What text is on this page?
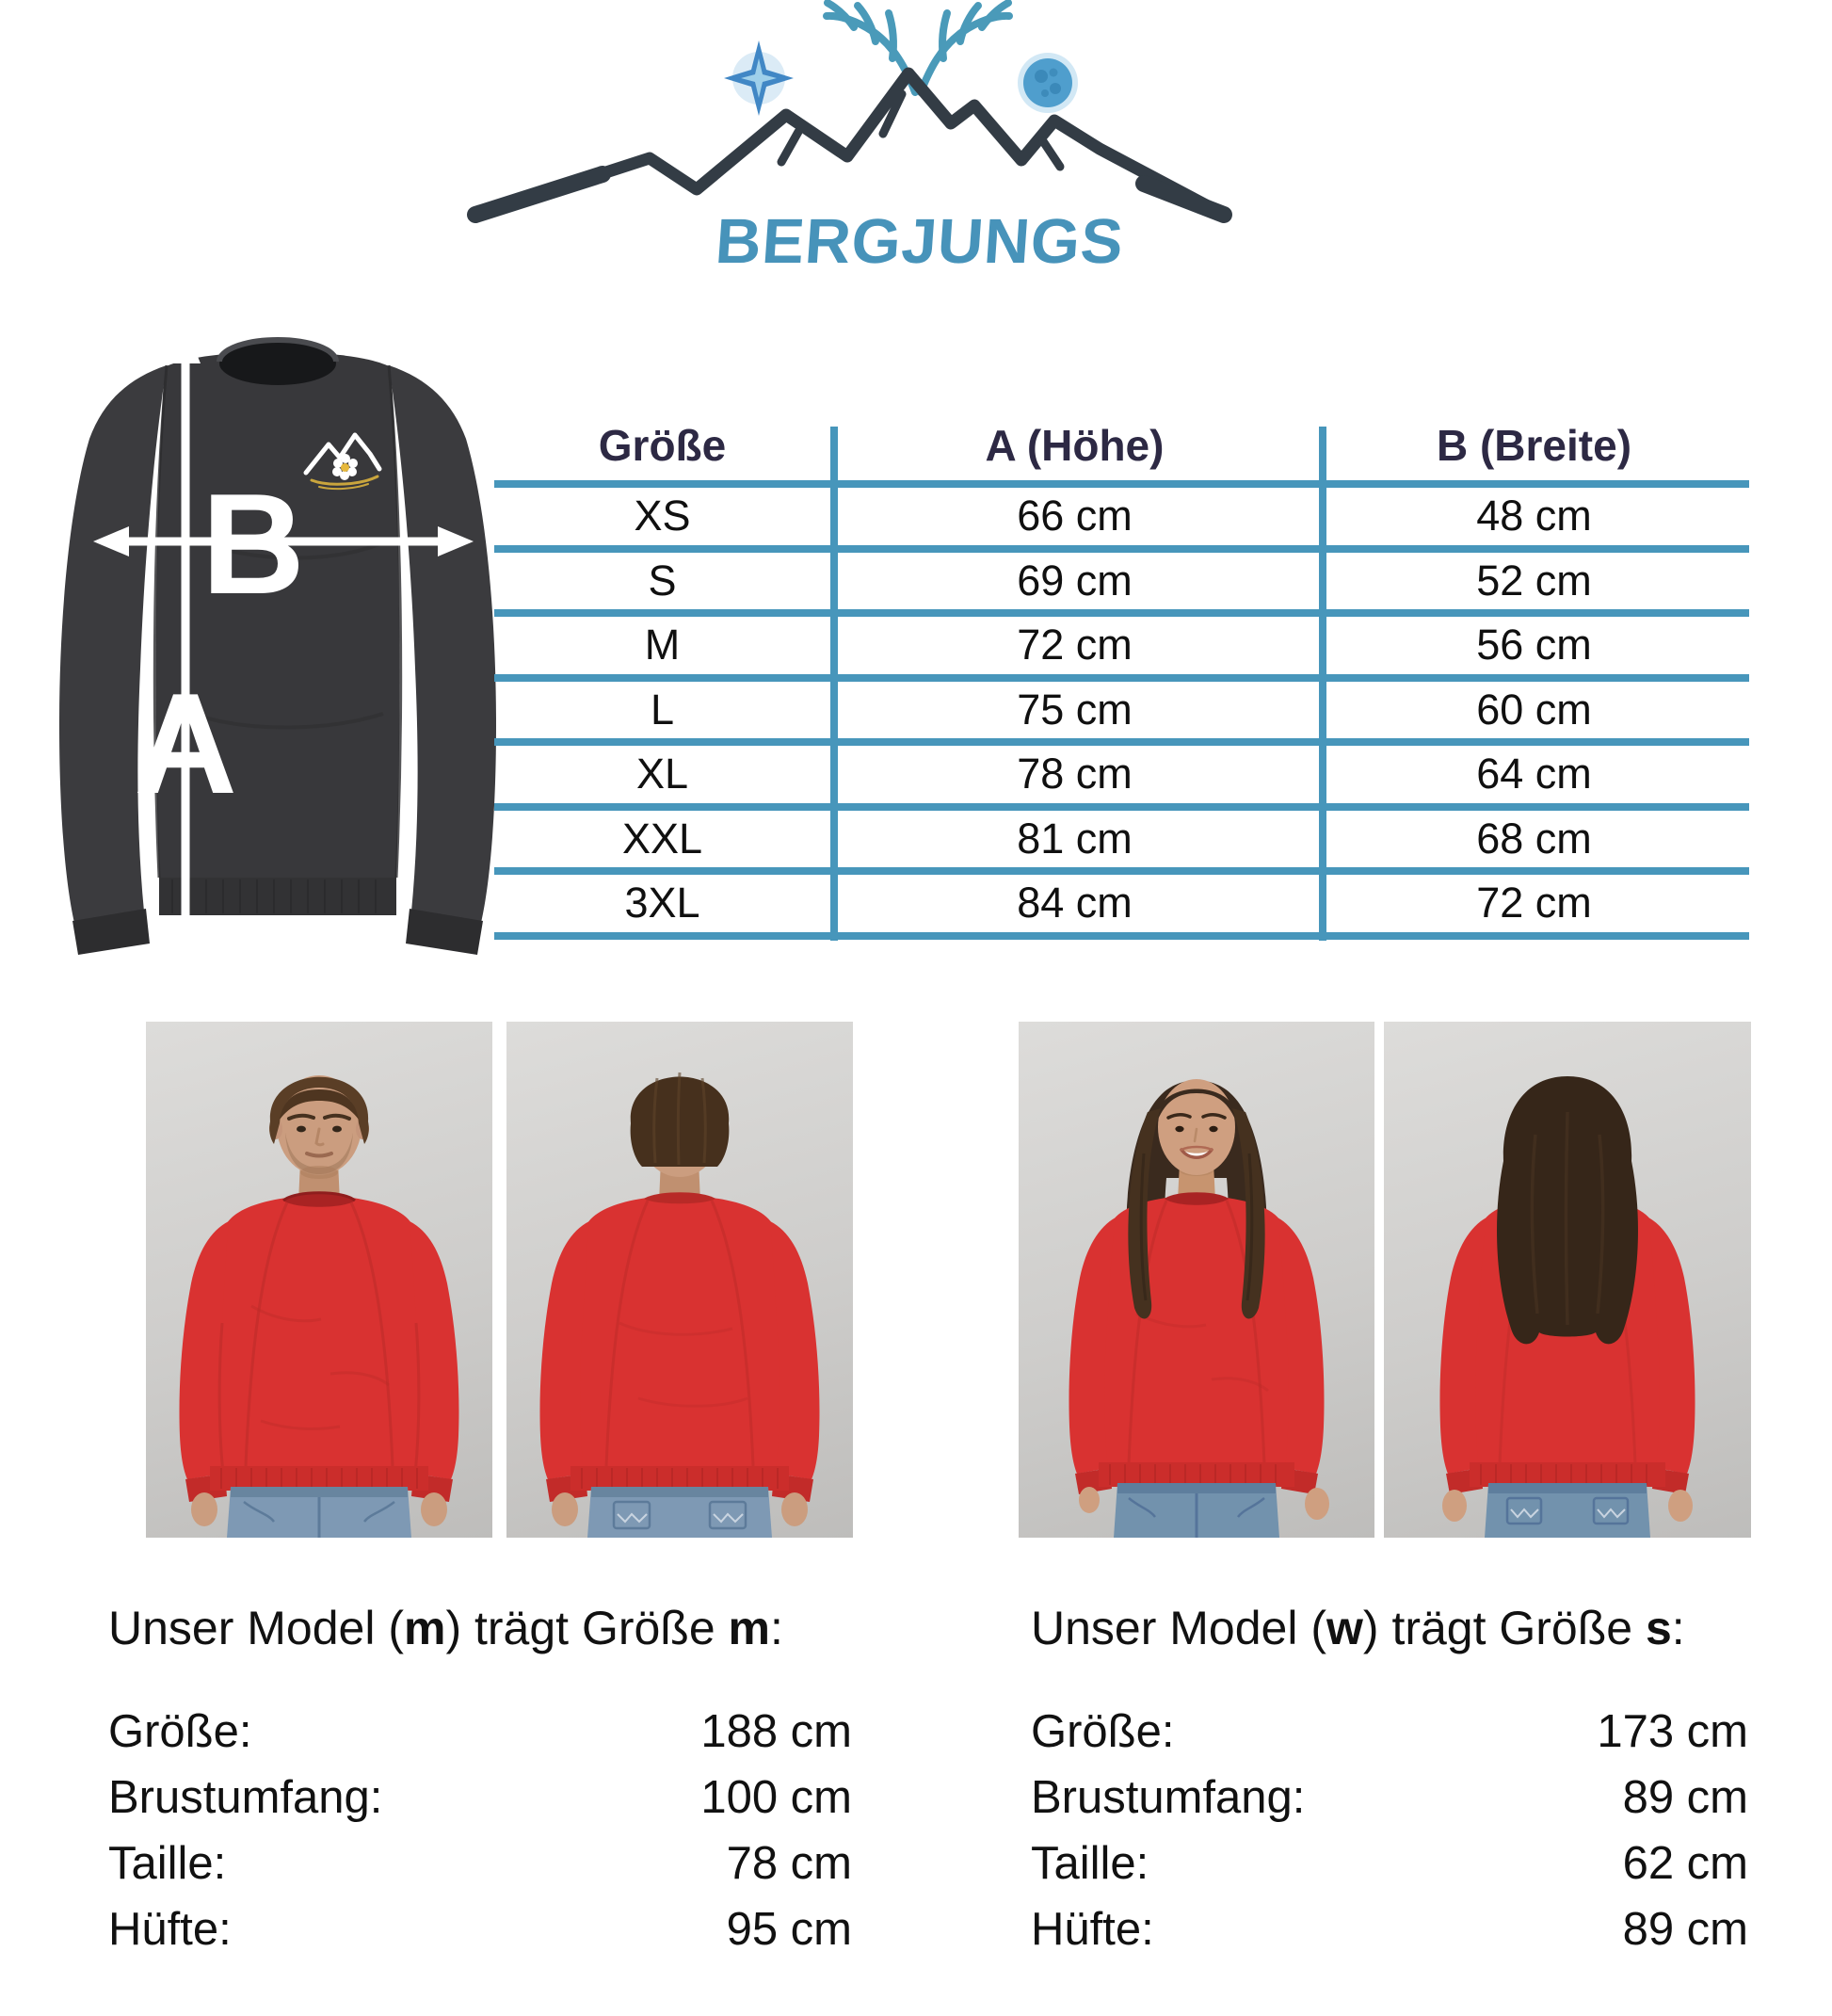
BERGJUNGS
A
B
Größe	A (Höhe)	B (Breite)
XS	66 cm	48 cm
S	69 cm	52 cm
M	72 cm	56 cm
L	75 cm	60 cm
XL	78 cm	64 cm
XXL	81 cm	68 cm
3XL	84 cm	72 cm
Unser Model (m) trägt Größe m:
Größe:	188 cm
Brustumfang:	100 cm
Taille:	78 cm
Hüfte:	95 cm
Unser Model (w) trägt Größe s:
Größe:	173 cm
Brustumfang:	89 cm
Taille:	62 cm
Hüfte:	89 cm
